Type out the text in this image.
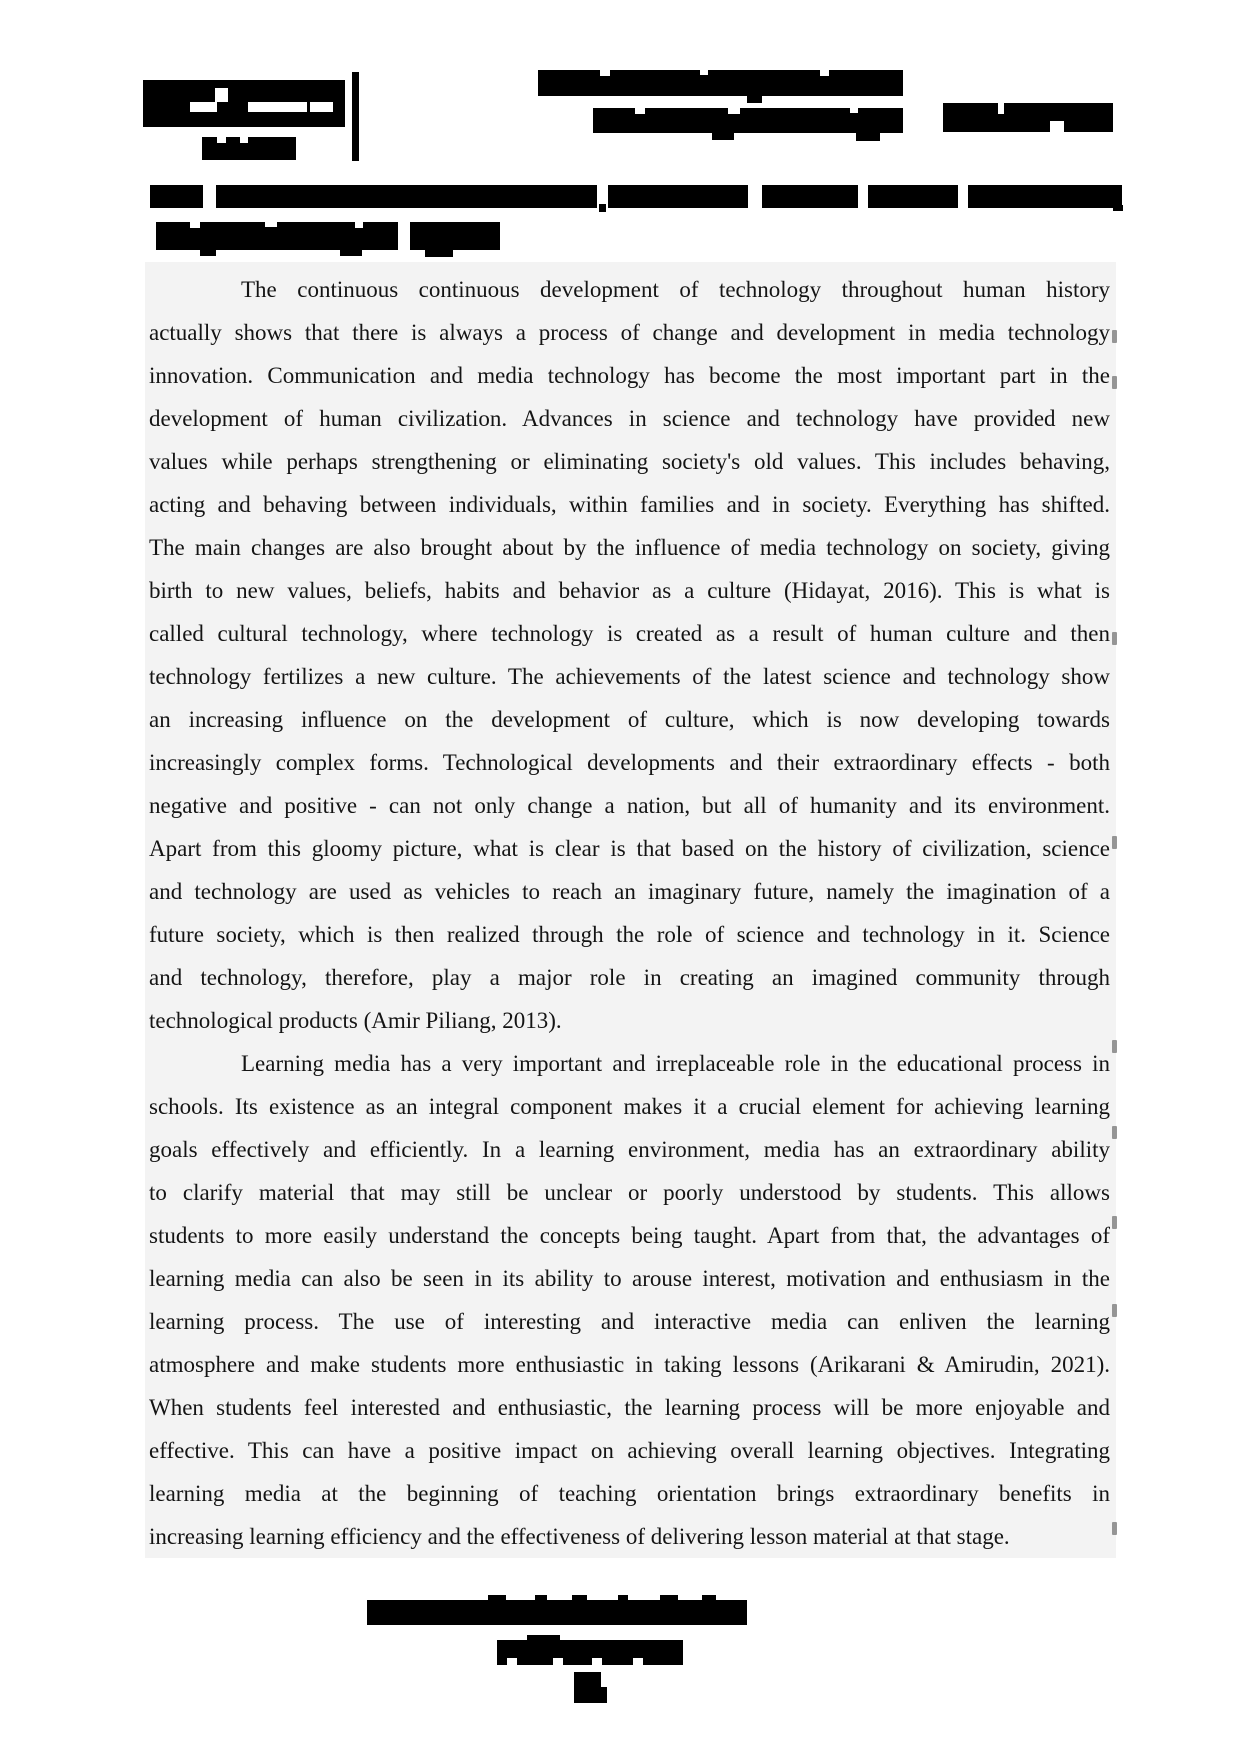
The continuous continuous development of technology throughout human history
actually shows that there is always a process of change and development in media technology
innovation. Communication and media technology has become the most important part in the
development of human civilization. Advances in science and technology have provided new
values while perhaps strengthening or eliminating society's old values. This includes behaving,
acting and behaving between individuals, within families and in society. Everything has shifted.
The main changes are also brought about by the influence of media technology on society, giving
birth to new values, beliefs, habits and behavior as a culture (Hidayat, 2016). This is what is
called cultural technology, where technology is created as a result of human culture and then
technology fertilizes a new culture. The achievements of the latest science and technology show
an increasing influence on the development of culture, which is now developing towards
increasingly complex forms. Technological developments and their extraordinary effects - both
negative and positive - can not only change a nation, but all of humanity and its environment.
Apart from this gloomy picture, what is clear is that based on the history of civilization, science
and technology are used as vehicles to reach an imaginary future, namely the imagination of a
future society, which is then realized through the role of science and technology in it. Science
and technology, therefore, play a major role in creating an imagined community through
technological products (Amir Piliang, 2013).
Learning media has a very important and irreplaceable role in the educational process in
schools. Its existence as an integral component makes it a crucial element for achieving learning
goals effectively and efficiently. In a learning environment, media has an extraordinary ability
to clarify material that may still be unclear or poorly understood by students. This allows
students to more easily understand the concepts being taught. Apart from that, the advantages of
learning media can also be seen in its ability to arouse interest, motivation and enthusiasm in the
learning process. The use of interesting and interactive media can enliven the learning
atmosphere and make students more enthusiastic in taking lessons (Arikarani & Amirudin, 2021).
When students feel interested and enthusiastic, the learning process will be more enjoyable and
effective. This can have a positive impact on achieving overall learning objectives. Integrating
learning media at the beginning of teaching orientation brings extraordinary benefits in
increasing learning efficiency and the effectiveness of delivering lesson material at that stage.
